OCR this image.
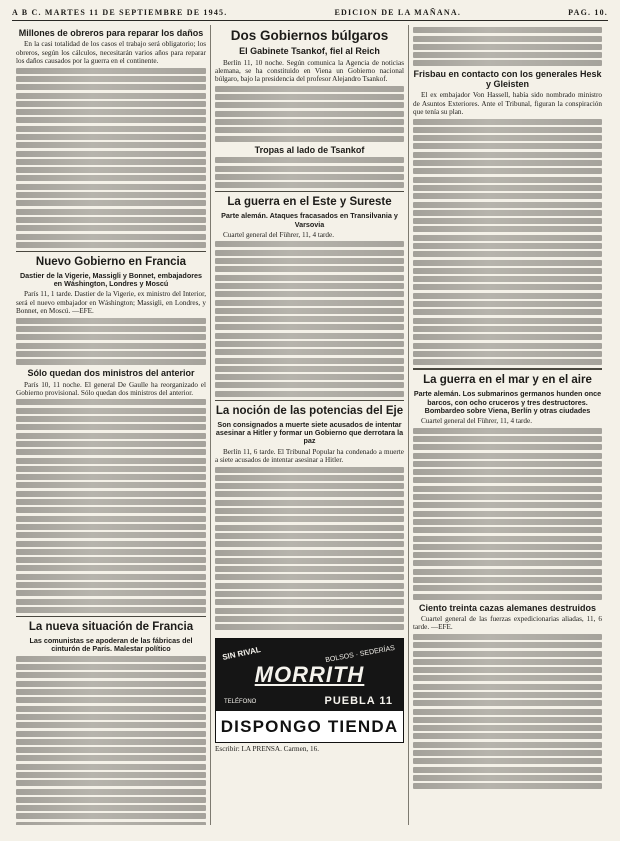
A B C. MARTES 11 DE SEPTIEMBRE DE 1945.	EDICION DE LA MAÑANA.	PAG. 10.
Millones de obreros para reparar los daños

En la casi totalidad de los casos el trabajo será obligatorio; los obreros, según los cálculos, necesitarán varios años para reparar los daños causados por la guerra en el continente.

Nuevo Gobierno en Francia
Dastier de la Vigerie, Massigli y Bonnet, embajadores en Wáshington, Londres y Moscú

París 11, 1 tarde. Dastier de la Vigerie, ex ministro del Interior, será el nuevo embajador en Wáshington; Massigli, en Londres, y Bonnet, en Moscú. —EFE.

Sólo quedan dos ministros del anterior

París 10, 11 noche. El general De Gaulle ha reorganizado el Gobierno provisional. Sólo quedan dos ministros del anterior.

La nueva situación de Francia
Las comunistas se apoderan de las fábricas del cinturón de París. Malestar político
Dos Gobiernos búlgaros
El Gabinete Tsankof, fiel al Reich

Berlín 11, 10 noche. Según comunica la Agencia de noticias alemana, se ha constituido en Viena un Gobierno nacional búlgaro, bajo la presidencia del profesor Alejandro Tsankof.

Tropas al lado de Tsankof
La guerra en el Este y Sureste
Parte alemán. Ataques fracasados en Transilvania y Varsovia

Cuartel general del Führer, 11, 4 tarde.

La noción de las potencias del Eje
Son consignados a muerte siete acusados de intentar asesinar a Hitler y formar un Gobierno que derrotara la paz

Berlín 11, 6 tarde. El Tribunal Popular ha condenado a muerte a siete acusados de intentar asesinar a Hitler.

SIN RIVAL
MORRITH
BOLSOS · SEDERÍAS
TELÉFONO	PUEBLA 11
DISPONGO TIENDA

Escribir: LA PRENSA. Carmen, 16.

Frisbau en contacto con los generales Hesk y Gleisten

El ex embajador Von Hassell, había sido nombrado ministro de Asuntos Exteriores. Ante el Tribunal, figuran la conspiración que tenía su plan.

La guerra en el mar y en el aire
Parte alemán. Los submarinos germanos hunden once barcos, con ocho cruceros y tres destructores. Bombardeo sobre Viena, Berlín y otras ciudades

Cuartel general del Führer, 11, 4 tarde.

Ciento treinta cazas alemanes destruidos

Cuartel general de las fuerzas expedicionarias aliadas, 11, 6 tarde. —EFE.
